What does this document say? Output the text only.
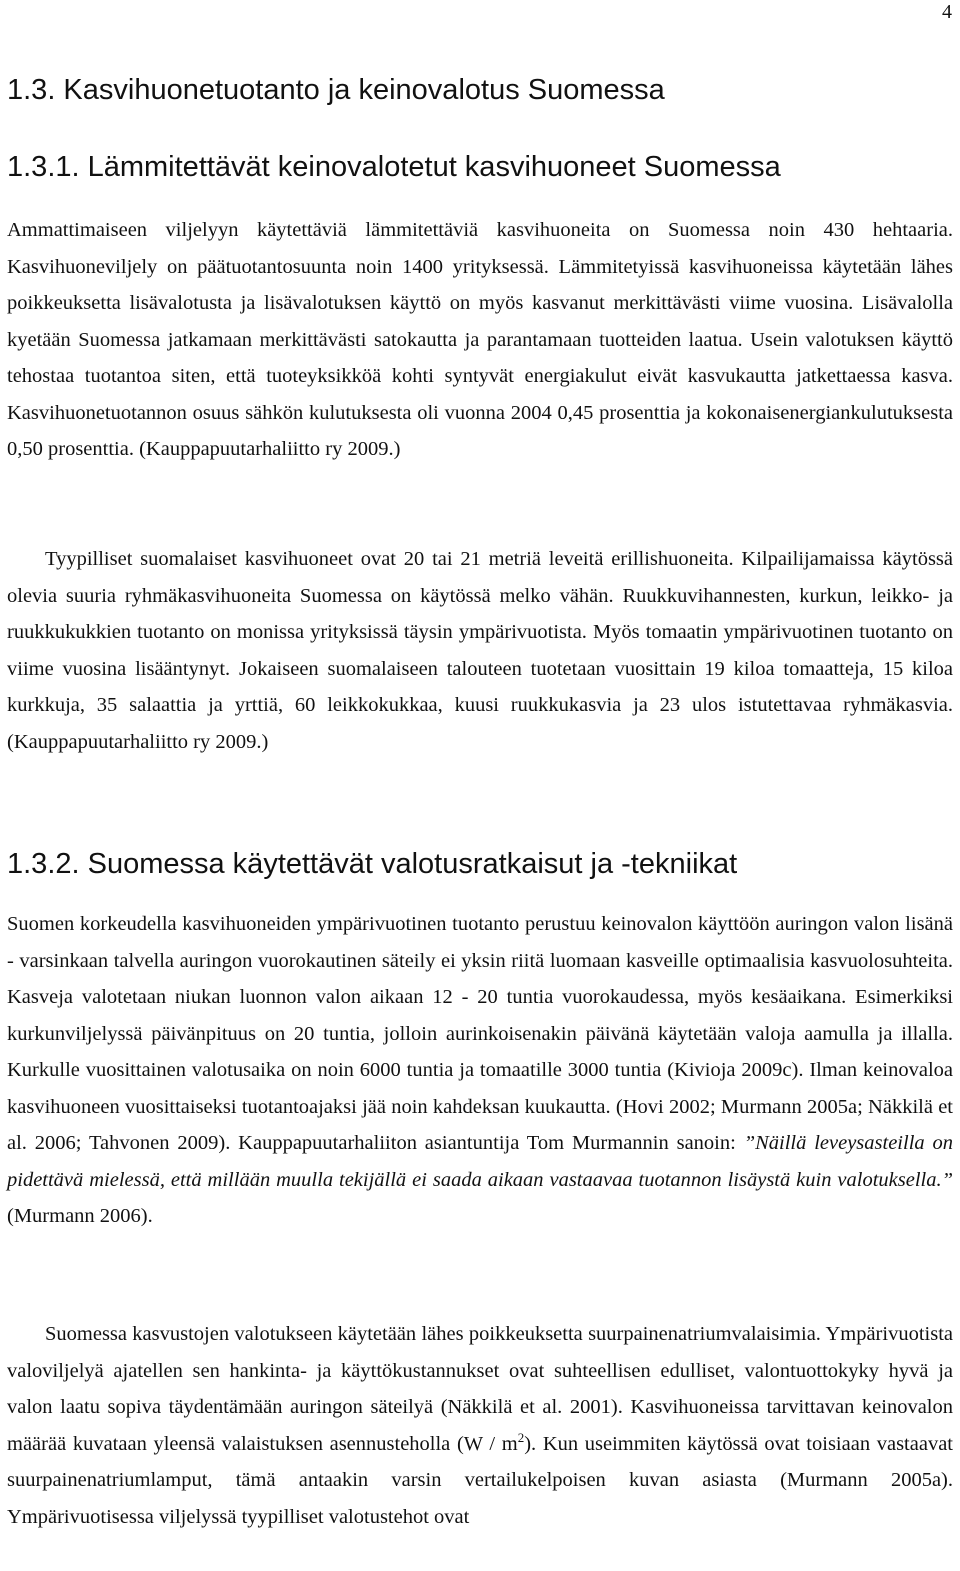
4
1.3. Kasvihuonetuotanto ja keinovalotus Suomessa
1.3.1. Lämmitettävät keinovalotetut kasvihuoneet Suomessa

Ammattimaiseen viljelyyn käytettäviä lämmitettäviä kasvihuoneita on Suomessa noin 430 hehtaaria. Kasvihuoneviljely on päätuotantosuunta noin 1400 yrityksessä. Lämmitetyissä kasvihuoneissa käytetään lähes poikkeuksetta lisävalotusta ja lisävalotuksen käyttö on myös kasvanut merkittävästi viime vuosina. Lisävalolla kyetään Suomessa jatkamaan merkittävästi satokautta ja parantamaan tuotteiden laatua. Usein valotuksen käyttö tehostaa tuotantoa siten, että tuoteyksikköä kohti syntyvät energiakulut eivät kasvukautta jatkettaessa kasva. Kasvihuonetuotannon osuus sähkön kulutuksesta oli vuonna 2004 0,45 prosenttia ja kokonaisenergiankulutuksesta 0,50 prosenttia. (Kauppapuutarhaliitto ry 2009.)

Tyypilliset suomalaiset kasvihuoneet ovat 20 tai 21 metriä leveitä erillishuoneita. Kilpailijamaissa käytössä olevia suuria ryhmäkasvihuoneita Suomessa on käytössä melko vähän. Ruukkuvihannesten, kurkun, leikko- ja ruukkukukkien tuotanto on monissa yrityksissä täysin ympärivuotista. Myös tomaatin ympärivuotinen tuotanto on viime vuosina lisääntynyt. Jokaiseen suomalaiseen talouteen tuotetaan vuosittain 19 kiloa tomaatteja, 15 kiloa kurkkuja, 35 salaattia ja yrttiä, 60 leikkokukkaa, kuusi ruukkukasvia ja 23 ulos istutettavaa ryhmäkasvia. (Kauppapuutarhaliitto ry 2009.)

1.3.2. Suomessa käytettävät valotusratkaisut ja -tekniikat

Suomen korkeudella kasvihuoneiden ympärivuotinen tuotanto perustuu keinovalon käyttöön auringon valon lisänä - varsinkaan talvella auringon vuorokautinen säteily ei yksin riitä luomaan kasveille optimaalisia kasvuolosuhteita. Kasveja valotetaan niukan luonnon valon aikaan 12 - 20 tuntia vuorokaudessa, myös kesäaikana. Esimerkiksi kurkunviljelyssä päivänpituus on 20 tuntia, jolloin aurinkoisenakin päivänä käytetään valoja aamulla ja illalla. Kurkulle vuosittainen valotusaika on noin 6000 tuntia ja tomaatille 3000 tuntia (Kivioja 2009c). Ilman keinovaloa kasvihuoneen vuosittaiseksi tuotantoajaksi jää noin kahdeksan kuukautta. (Hovi 2002; Murmann 2005a; Näkkilä et al. 2006; Tahvonen 2009). Kauppapuutarhaliiton asiantuntija Tom Murmannin sanoin: ”Näillä leveysasteilla on pidettävä mielessä, että millään muulla tekijällä ei saada aikaan vastaavaa tuotannon lisäystä kuin valotuksella.” (Murmann 2006).

Suomessa kasvustojen valotukseen käytetään lähes poikkeuksetta suurpainenatriumvalaisimia. Ympärivuotista valoviljelyä ajatellen sen hankinta- ja käyttökustannukset ovat suhteellisen edulliset, valontuottokyky hyvä ja valon laatu sopiva täydentämään auringon säteilyä (Näkkilä et al. 2001). Kasvihuoneissa tarvittavan keinovalon määrää kuvataan yleensä valaistuksen asennusteholla $(W / m^2)$. Kun useimmiten käytössä ovat toisiaan vastaavat suurpainenatriumlamput, tämä antaakin varsin vertailukelpoisen kuvan asiasta (Murmann 2005a). Ympärivuotisessa viljelyssä tyypilliset valotustehot ovat
